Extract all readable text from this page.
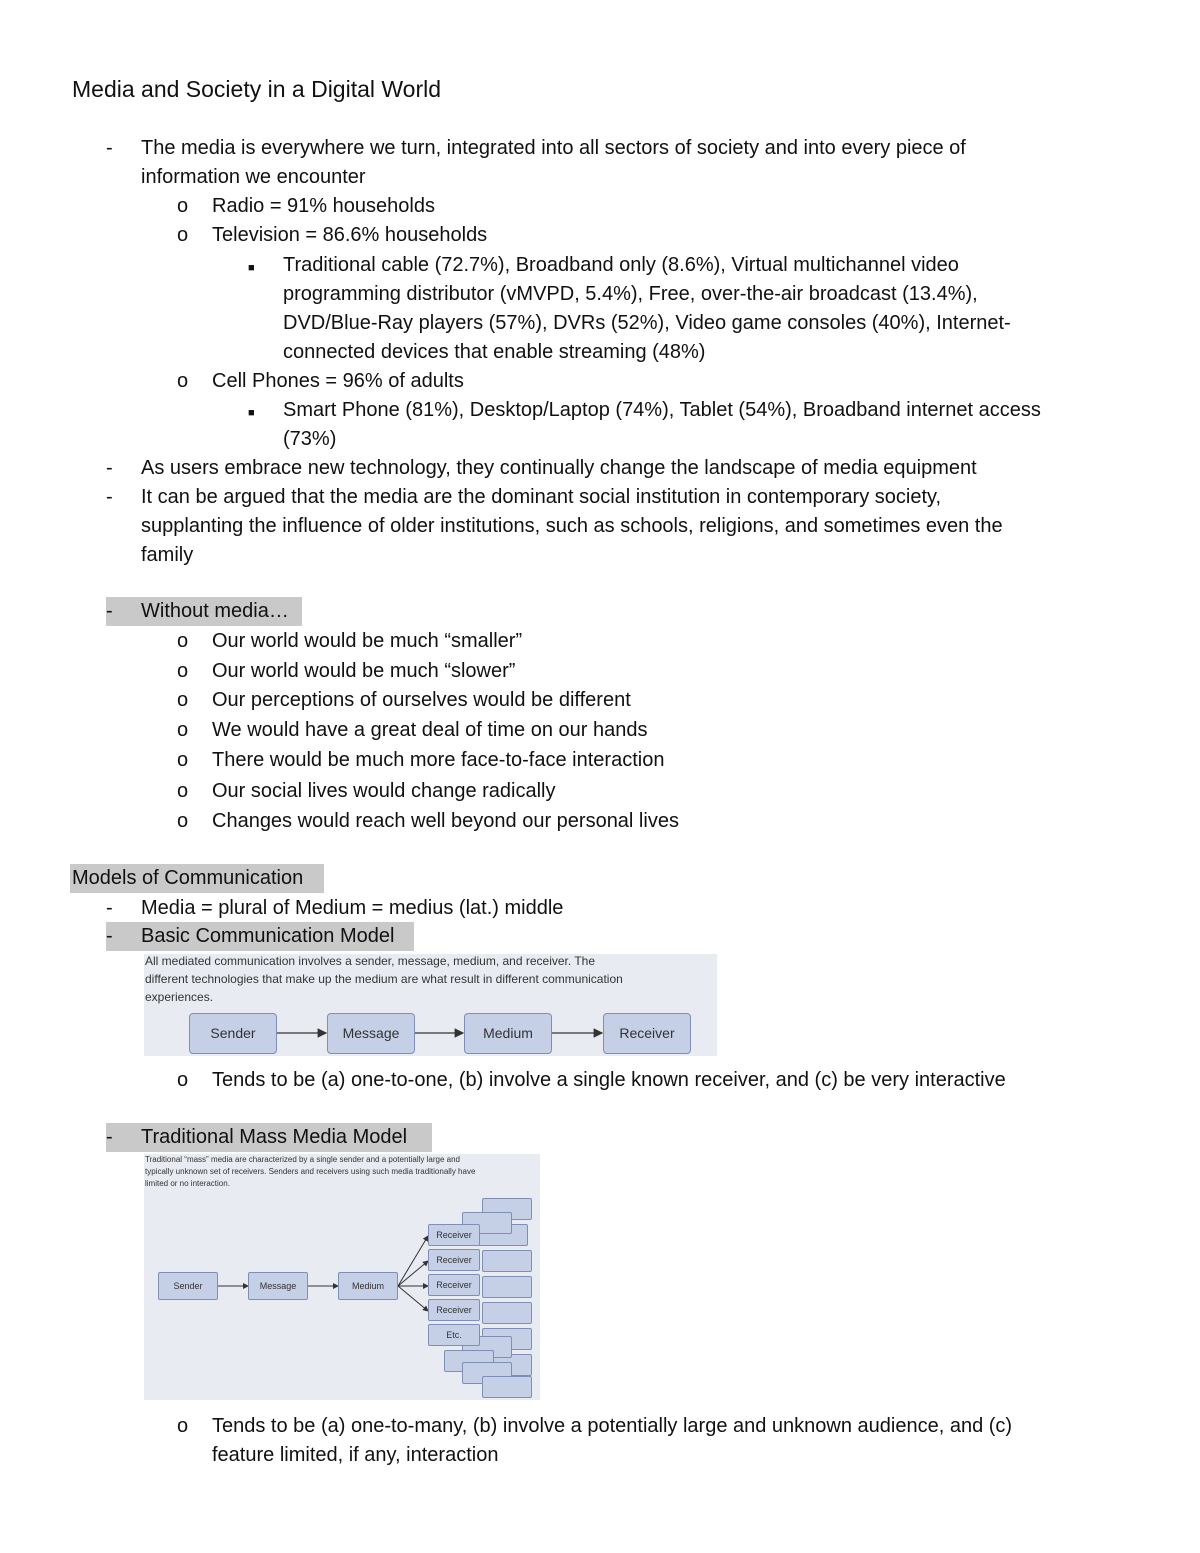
Media and Society in a Digital World
- The media is everywhere we turn, integrated into all sectors of society and into every piece of
information we encounter
o Radio = 91% households
o Television = 86.6% households
■ Traditional cable (72.7%), Broadband only (8.6%), Virtual multichannel video
programming distributor (vMVPD, 5.4%), Free, over-the-air broadcast (13.4%),
DVD/Blue-Ray players (57%), DVRs (52%), Video game consoles (40%), Internet-
connected devices that enable streaming (48%)
o Cell Phones = 96% of adults
■ Smart Phone (81%), Desktop/Laptop (74%), Tablet (54%), Broadband internet access
(73%)
- As users embrace new technology, they continually change the landscape of media equipment
- It can be argued that the media are the dominant social institution in contemporary society,
supplanting the influence of older institutions, such as schools, religions, and sometimes even the
family
- Without media…
o Our world would be much “smaller”
o Our world would be much “slower”
o Our perceptions of ourselves would be different
o We would have a great deal of time on our hands
o There would be much more face-to-face interaction
o Our social lives would change radically
o Changes would reach well beyond our personal lives
Models of Communication
- Media = plural of Medium = medius (lat.) middle
- Basic Communication Model
All mediated communication involves a sender, message, medium, and receiver. The
different technologies that make up the medium are what result in different communication
experiences.
Sender	Message	Medium	Receiver
o Tends to be (a) one-to-one, (b) involve a single known receiver, and (c) be very interactive
- Traditional Mass Media Model
Traditional “mass” media are characterized by a single sender and a potentially large and
typically unknown set of receivers. Senders and receivers using such media traditionally have
limited or no interaction.
Sender	Message	Medium
Receiver
Receiver
Receiver
Receiver
Etc.
o Tends to be (a) one-to-many, (b) involve a potentially large and unknown audience, and (c)
feature limited, if any, interaction
